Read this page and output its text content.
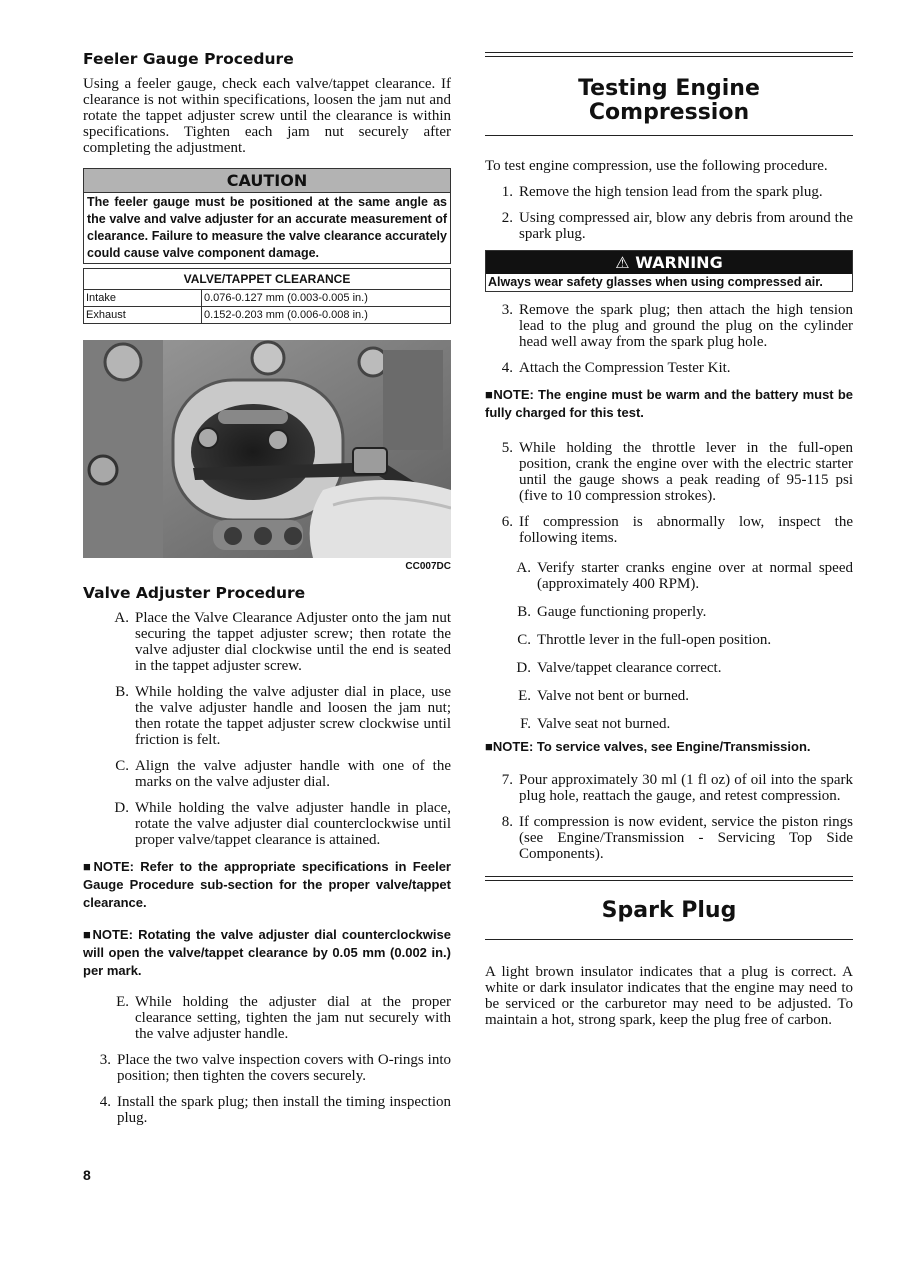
Feeler Gauge Procedure

Using a feeler gauge, check each valve/tappet clearance. If clearance is not within specifications, loosen the jam nut and rotate the tappet adjuster screw until the clearance is within specifications. Tighten each jam nut securely after completing the adjustment.

CAUTION
The feeler gauge must be positioned at the same angle as the valve and valve adjuster for an accurate measurement of clearance. Failure to measure the valve clearance accurately could cause valve component damage.
VALVE/TAPPET CLEARANCE	
Intake	0.076-0.127 mm (0.003-0.005 in.)
Exhaust	0.152-0.203 mm (0.006-0.008 in.)
CC007DC
Valve Adjuster Procedure
A. Place the Valve Clearance Adjuster onto the jam nut securing the tappet adjuster screw; then rotate the valve adjuster dial clockwise until the end is seated in the tappet adjuster screw.
B. While holding the valve adjuster dial in place, use the valve adjuster handle and loosen the jam nut; then rotate the tappet adjuster screw clockwise until friction is felt.
C. Align the valve adjuster handle with one of the marks on the valve adjuster dial.
D. While holding the valve adjuster handle in place, rotate the valve adjuster dial counterclockwise until proper valve/tappet clearance is attained.
■NOTE: Refer to the appropriate specifications in Feeler Gauge Procedure sub-section for the proper valve/tappet clearance.
■NOTE: Rotating the valve adjuster dial counterclockwise will open the valve/tappet clearance by 0.05 mm (0.002 in.) per mark.
E. While holding the adjuster dial at the proper clearance setting, tighten the jam nut securely with the valve adjuster handle.
3. Place the two valve inspection covers with O-rings into position; then tighten the covers securely.
4. Install the spark plug; then install the timing inspection plug.
Testing Engine
Compression

To test engine compression, use the following procedure.

1. Remove the high tension lead from the spark plug.
2. Using compressed air, blow any debris from around the spark plug.
⚠ WARNING
Always wear safety glasses when using compressed air.
3. Remove the spark plug; then attach the high tension lead to the plug and ground the plug on the cylinder head well away from the spark plug hole.
4. Attach the Compression Tester Kit.
■NOTE: The engine must be warm and the battery must be fully charged for this test.
5. While holding the throttle lever in the full-open position, crank the engine over with the electric starter until the gauge shows a peak reading of 95-115 psi (five to 10 compression strokes).
6. If compression is abnormally low, inspect the following items.
A. Verify starter cranks engine over at normal speed (approximately 400 RPM).
B. Gauge functioning properly.
C. Throttle lever in the full-open position.
D. Valve/tappet clearance correct.
E. Valve not bent or burned.
F. Valve seat not burned.
■NOTE: To service valves, see Engine/Transmission.
7. Pour approximately 30 ml (1 fl oz) of oil into the spark plug hole, reattach the gauge, and retest compression.
8. If compression is now evident, service the piston rings (see Engine/Transmission - Servicing Top Side Components).
Spark Plug

A light brown insulator indicates that a plug is correct. A white or dark insulator indicates that the engine may need to be serviced or the carburetor may need to be adjusted. To maintain a hot, strong spark, keep the plug free of carbon.

8
